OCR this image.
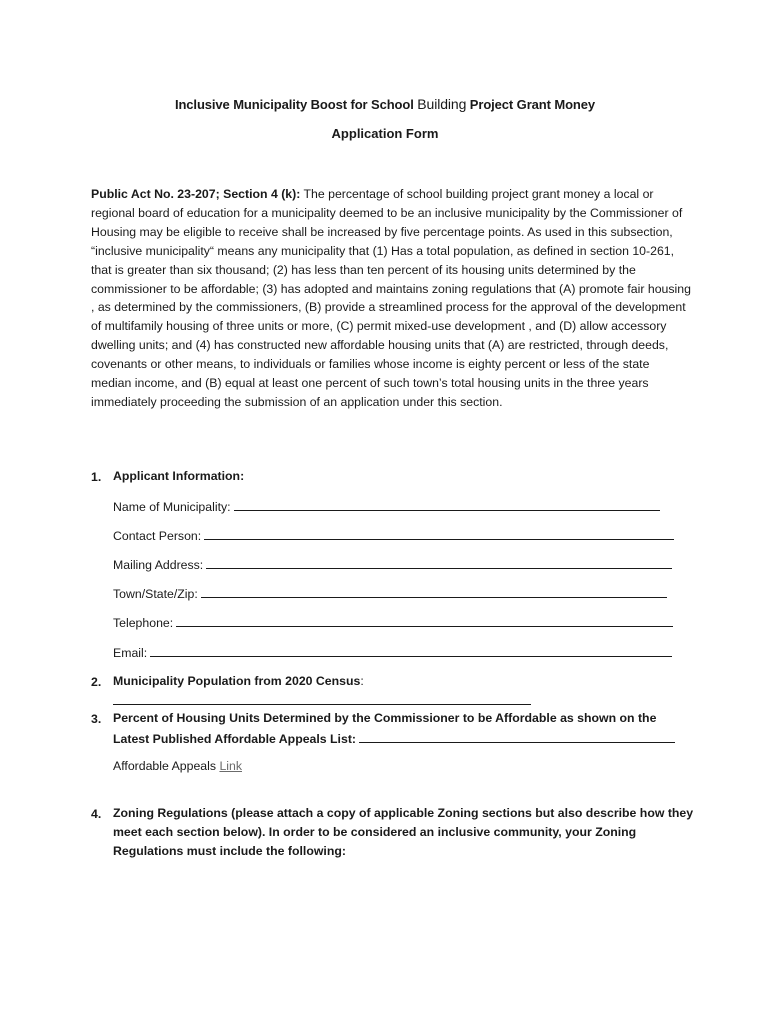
Inclusive Municipality Boost for School Building Project Grant Money
Application Form
Public Act No. 23-207; Section 4 (k): The percentage of school building project grant money a local or regional board of education for a municipality deemed to be an inclusive municipality by the Commissioner of Housing may be eligible to receive shall be increased by five percentage points. As used in this subsection, “inclusive municipality“ means any municipality that (1) Has a total population, as defined in section 10-261, that is greater than six thousand; (2) has less than ten percent of its housing units determined by the commissioner to be affordable; (3) has adopted and maintains zoning regulations that (A) promote fair housing , as determined by the commissioners, (B) provide a streamlined process for the approval of the development of multifamily housing of three units or more, (C) permit mixed-use development , and (D) allow accessory dwelling units; and (4) has constructed new affordable housing units that (A) are restricted, through deeds, covenants or other means, to individuals or families whose income is eighty percent or less of the state median income, and (B) equal at least one percent of such town’s total housing units in the three years immediately proceeding the submission of an application under this section.
1. Applicant Information:
Name of Municipality:
Contact Person:
Mailing Address:
Town/State/Zip:
Telephone:
Email:
2. Municipality Population from 2020 Census:
3. Percent of Housing Units Determined by the Commissioner to be Affordable as shown on the
Latest Published Affordable Appeals List:
Affordable Appeals Link
4. Zoning Regulations (please attach a copy of applicable Zoning sections but also describe how they
meet each section below). In order to be considered an inclusive community, your Zoning
Regulations must include the following:
